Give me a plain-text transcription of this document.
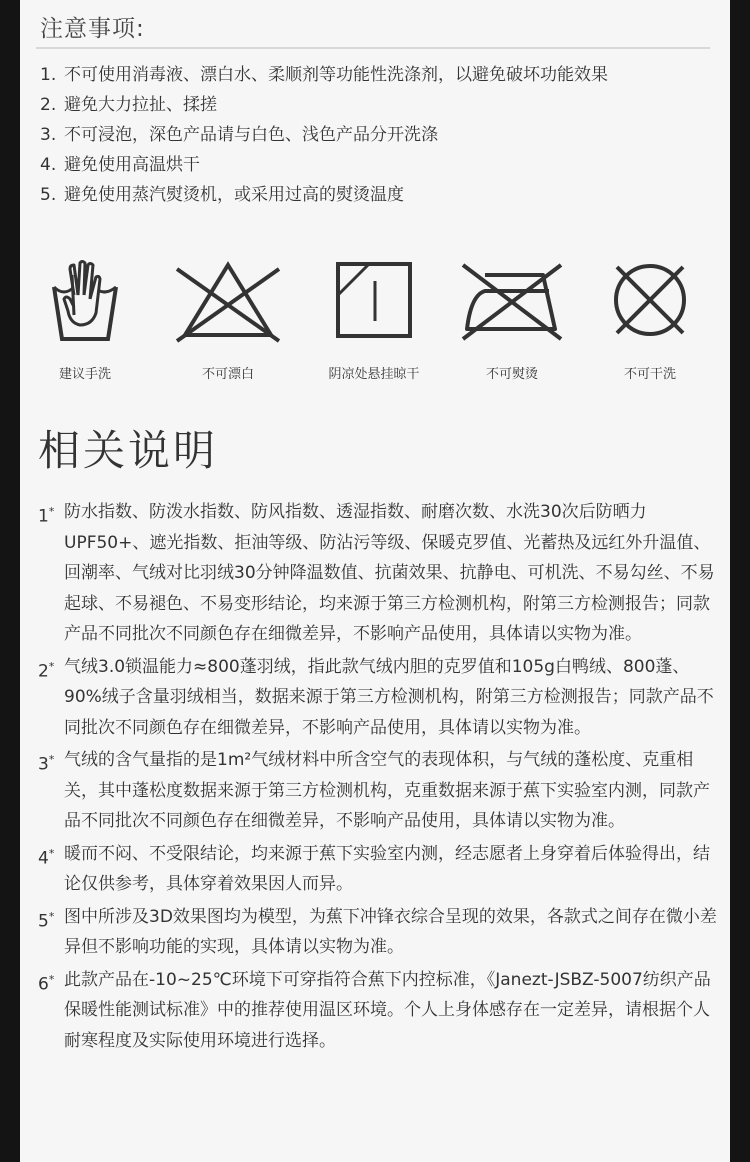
注意事项:
1. 不可使用消毒液、漂白水、柔顺剂等功能性洗涤剂，以避免破坏功能效果
2. 避免大力拉扯、揉搓
3. 不可浸泡，深色产品请与白色、浅色产品分开洗涤
4. 避免使用高温烘干
5. 避免使用蒸汽熨烫机，或采用过高的熨烫温度
建议手洗	不可漂白	阴凉处悬挂晾干	不可熨烫	不可干洗
相关说明
1* 防水指数、防泼水指数、防风指数、透湿指数、耐磨次数、水洗30次后防晒力UPF50+、遮光指数、拒油等级、防沾污等级、保暖克罗值、光蓄热及远红外升温值、回潮率、气绒对比羽绒30分钟降温数值、抗菌效果、抗静电、可机洗、不易勾丝、不易起球、不易褪色、不易变形结论，均来源于第三方检测机构，附第三方检测报告；同款产品不同批次不同颜色存在细微差异，不影响产品使用，具体请以实物为准。
2* 气绒3.0锁温能力≈800蓬羽绒，指此款气绒内胆的克罗值和105g白鸭绒、800蓬、90%绒子含量羽绒相当，数据来源于第三方检测机构，附第三方检测报告；同款产品不同批次不同颜色存在细微差异，不影响产品使用，具体请以实物为准。
3* 气绒的含气量指的是1m²气绒材料中所含空气的表现体积，与气绒的蓬松度、克重相关，其中蓬松度数据来源于第三方检测机构，克重数据来源于蕉下实验室内测，同款产品不同批次不同颜色存在细微差异，不影响产品使用，具体请以实物为准。
4* 暖而不闷、不受限结论，均来源于蕉下实验室内测，经志愿者上身穿着后体验得出，结论仅供参考，具体穿着效果因人而异。
5* 图中所涉及3D效果图均为模型，为蕉下冲锋衣综合呈现的效果，各款式之间存在微小差异但不影响功能的实现，具体请以实物为准。
6* 此款产品在-10~25℃环境下可穿指符合蕉下内控标准，《Janezt-JSBZ-5007纺织产品保暖性能测试标准》中的推荐使用温区环境。个人上身体感存在一定差异，请根据个人耐寒程度及实际使用环境进行选择。
